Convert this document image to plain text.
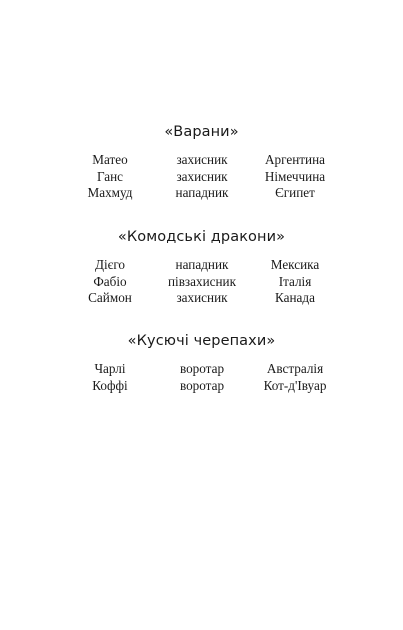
«Варани»
Матео	захисник	Аргентина
Ганс	захисник	Німеччина
Махмуд	нападник	Єгипет
«Комодські дракони»
Дієго	нападник	Мексика
Фабіо	півзахисник	Італія
Саймон	захисник	Канада
«Кусючі черепахи»
Чарлі	воротар	Австралія
Коффі	воротар	Кот-д'Івуар
